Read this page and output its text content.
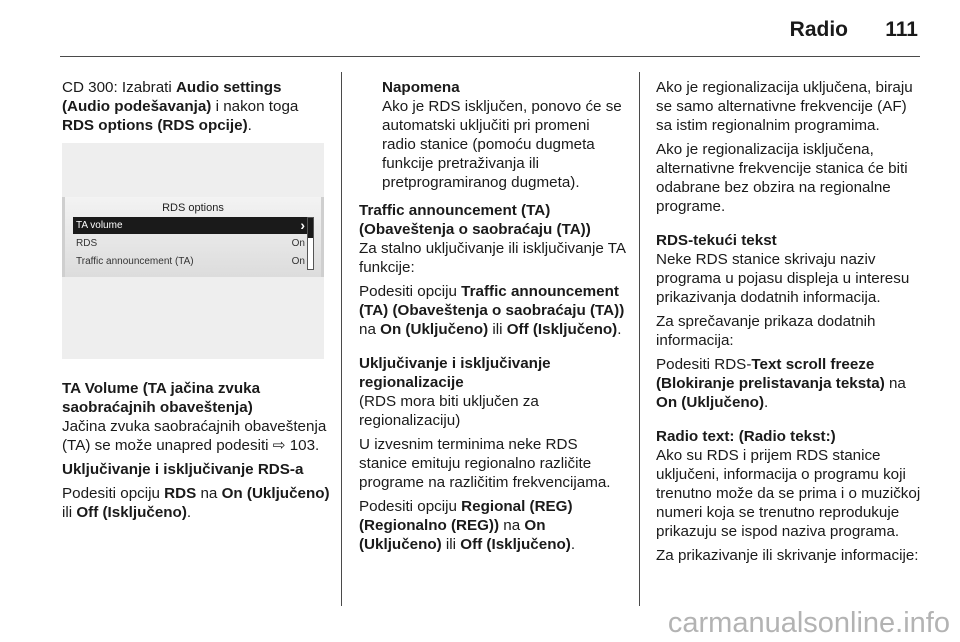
Radio 111

CD 300: Izabrati Audio settings (Audio podešavanja) i nakon toga RDS options (RDS opcije).

RDS options
TA volume	›
RDS	On
Traffic announcement (TA)	On
TA Volume (TA jačina zvuka saobraćajnih obaveštenja)

Jačina zvuka saobraćajnih obaveštenja (TA) se može unapred podesiti ⇨ 103.

Uključivanje i isključivanje RDS-a

Podesiti opciju RDS na On (Uključeno) ili Off (Isključeno).

Napomena

Ako je RDS isključen, ponovo će se automatski uključiti pri promeni radio stanice (pomoću dugmeta funkcije pretraživanja ili pretprogramiranog dugmeta).

Traffic announcement (TA) (Obaveštenja o saobraćaju (TA))

Za stalno uključivanje ili isključivanje TA funkcije:

Podesiti opciju Traffic announcement (TA) (Obaveštenja o saobraćaju (TA)) na On (Uključeno) ili Off (Isključeno).

Uključivanje i isključivanje regionalizacije

(RDS mora biti uključen za regionalizaciju)

U izvesnim terminima neke RDS stanice emituju regionalno različite programe na različitim frekvencijama.

Podesiti opciju Regional (REG) (Regionalno (REG)) na On (Uključeno) ili Off (Isključeno).

Ako je regionalizacija uključena, biraju se samo alternativne frekvencije (AF) sa istim regionalnim programima.

Ako je regionalizacija isključena, alternativne frekvencije stanica će biti odabrane bez obzira na regionalne programe.

RDS-tekući tekst

Neke RDS stanice skrivaju naziv programa u pojasu displeja u interesu prikazivanja dodatnih informacija.

Za sprečavanje prikaza dodatnih informacija:

Podesiti RDS-Text scroll freeze (Blokiranje prelistavanja teksta) na On (Uključeno).

Radio text: (Radio tekst:)

Ako su RDS i prijem RDS stanice uključeni, informacija o programu koji trenutno može da se prima i o muzičkoj numeri koja se trenutno reprodukuje prikazuju se ispod naziva programa.

Za prikazivanje ili skrivanje informacije:

carmanualsonline.info
